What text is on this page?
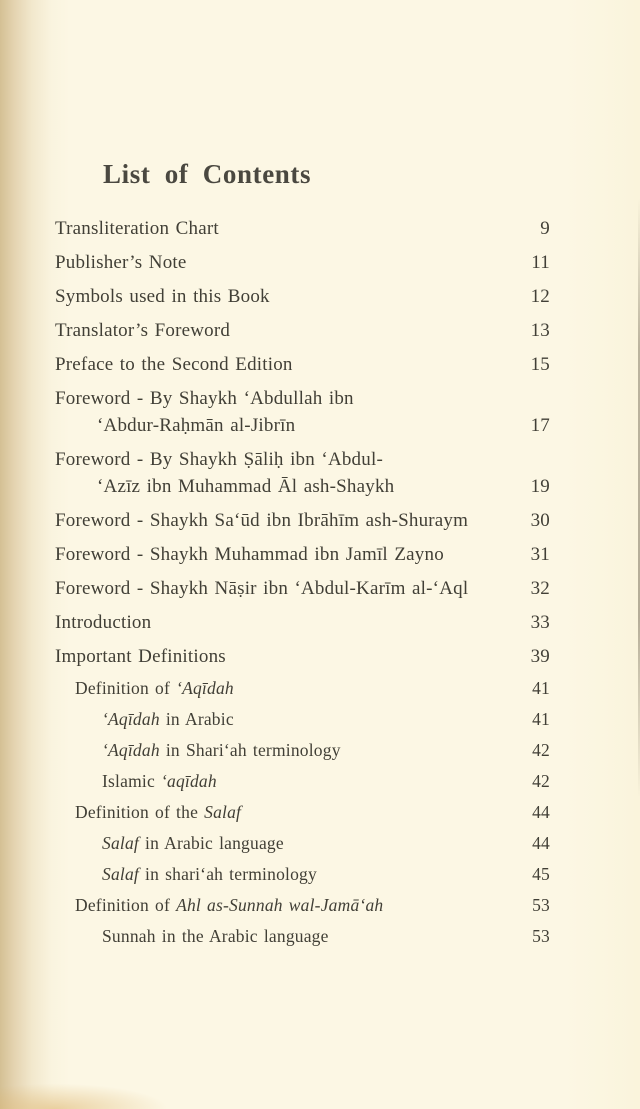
List of Contents
Transliteration Chart	9
Publisher’s Note	11
Symbols used in this Book	12
Translator’s Foreword	13
Preface to the Second Edition	15
Foreword - By Shaykh ‘Abdullah ibn
‘Abdur-Raḥmān al-Jibrīn	17
Foreword - By Shaykh Ṣāliḥ ibn ‘Abdul-
‘Azīz ibn Muhammad Āl ash-Shaykh	19
Foreword - Shaykh Sa‘ūd ibn Ibrāhīm ash-Shuraym	30
Foreword - Shaykh Muhammad ibn Jamīl Zayno	31
Foreword - Shaykh Nāṣir ibn ‘Abdul-Karīm al-‘Aql	32
Introduction	33
Important Definitions	39
Definition of ‘Aqīdah	41
‘Aqīdah in Arabic	41
‘Aqīdah in Shari‘ah terminology	42
Islamic ‘aqīdah	42
Definition of the Salaf	44
Salaf in Arabic language	44
Salaf in shari‘ah terminology	45
Definition of Ahl as-Sunnah wal-Jamā‘ah	53
Sunnah in the Arabic language	53
